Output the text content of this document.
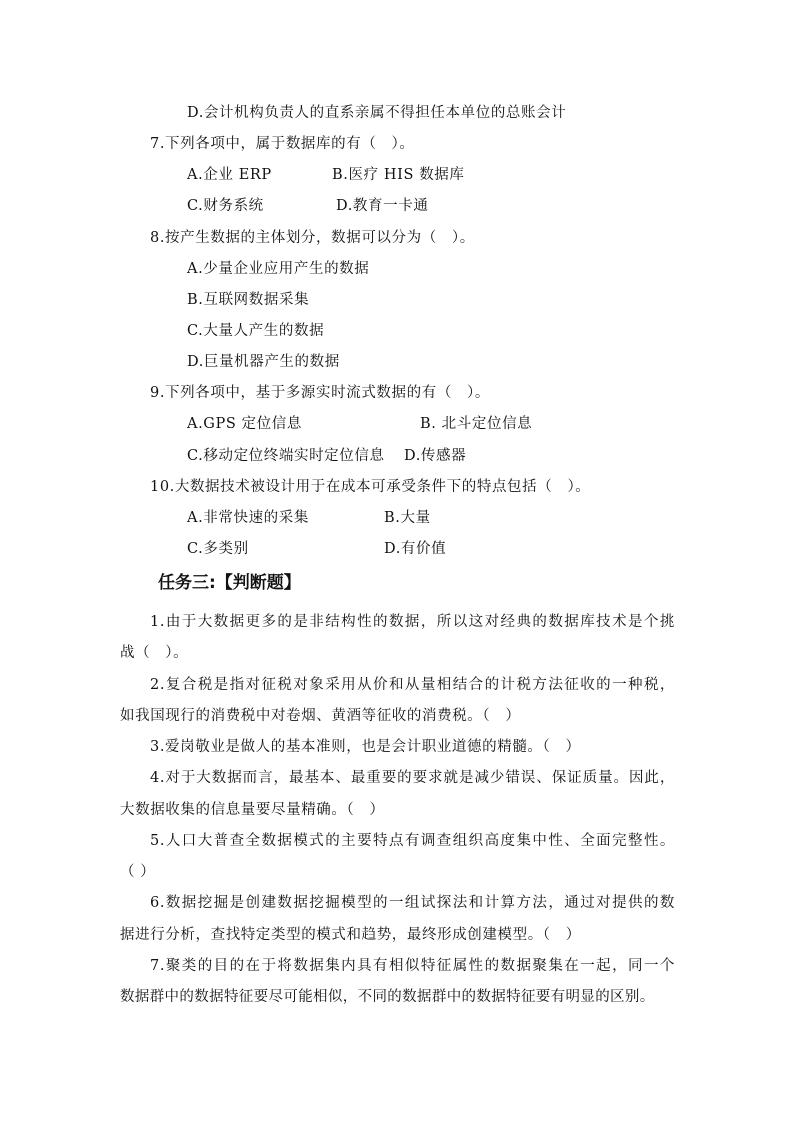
D.会计机构负责人的直系亲属不得担任本单位的总账会计
7.下列各项中，属于数据库的有（　）。
A.企业 ERP	B.医疗 HIS 数据库
C.财务系统	D.教育一卡通
8.按产生数据的主体划分，数据可以分为（　）。
A.少量企业应用产生的数据
B.互联网数据采集
C.大量人产生的数据
D.巨量机器产生的数据
9.下列各项中，基于多源实时流式数据的有（　）。
A.GPS 定位信息	B. 北斗定位信息
C.移动定位终端实时定位信息 D.传感器
10.大数据技术被设计用于在成本可承受条件下的特点包括（　）。
A.非常快速的采集	B.大量
C.多类别	D.有价值
任务三:【判断题】
1.由于大数据更多的是非结构性的数据，所以这对经典的数据库技术是个挑
战（　）。
2.复合税是指对征税对象采用从价和从量相结合的计税方法征收的一种税，
如我国现行的消费税中对卷烟、黄酒等征收的消费税。（　）
3.爱岗敬业是做人的基本准则，也是会计职业道德的精髓。（　）
4.对于大数据而言，最基本、最重要的要求就是减少错误、保证质量。因此，
大数据收集的信息量要尽量精确。（　）
5.人口大普查全数据模式的主要特点有调查组织高度集中性、全面完整性。
（ ）
6.数据挖掘是创建数据挖掘模型的一组试探法和计算方法，通过对提供的数
据进行分析，查找特定类型的模式和趋势，最终形成创建模型。（　）
7.聚类的目的在于将数据集内具有相似特征属性的数据聚集在一起，同一个
数据群中的数据特征要尽可能相似，不同的数据群中的数据特征要有明显的区别。
